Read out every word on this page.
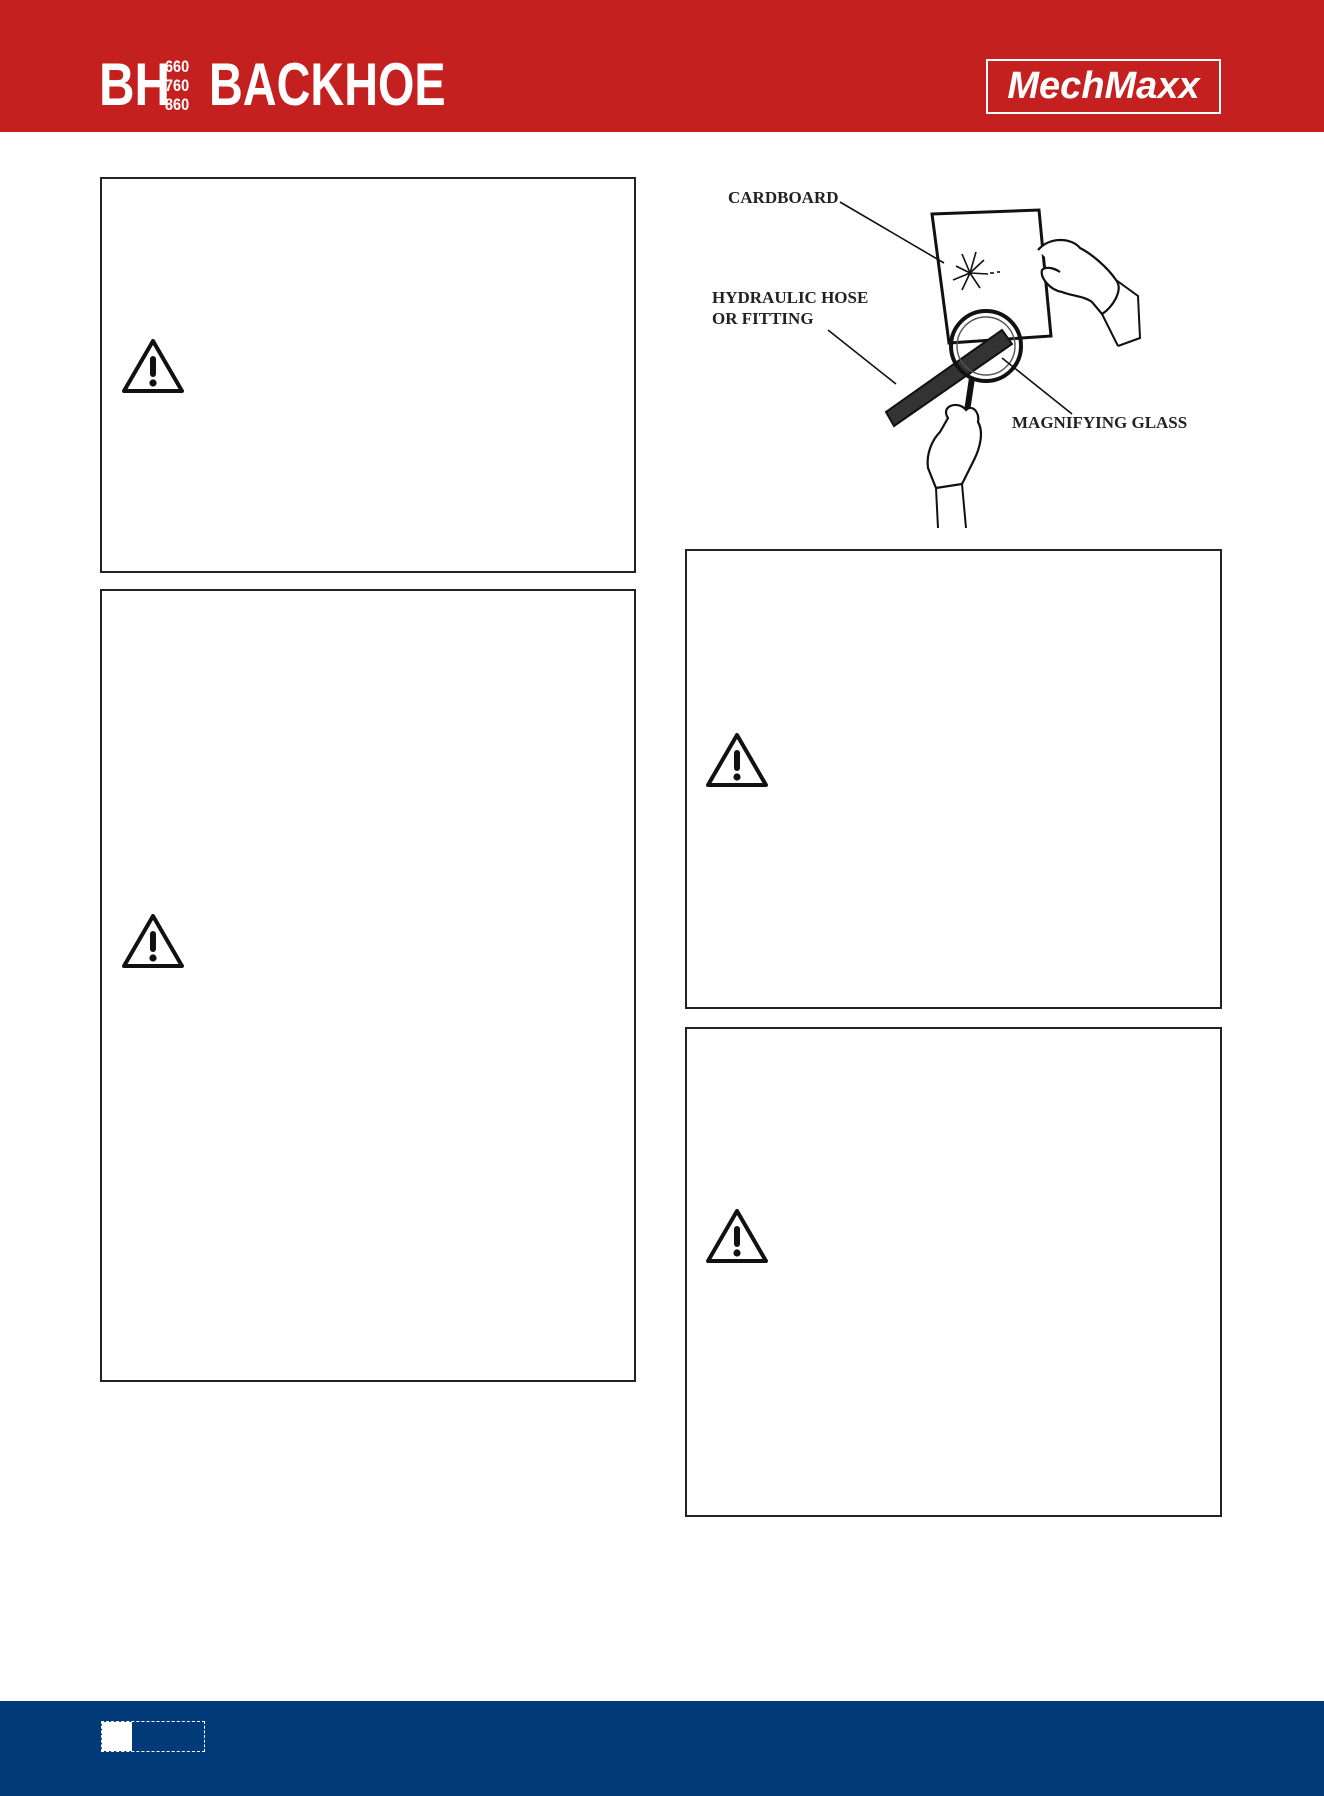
BH
660
760
860 BACKHOE	MechMaxx
CARDBOARD
HYDRAULIC HOSE
OR FITTING
MAGNIFYING GLASS
